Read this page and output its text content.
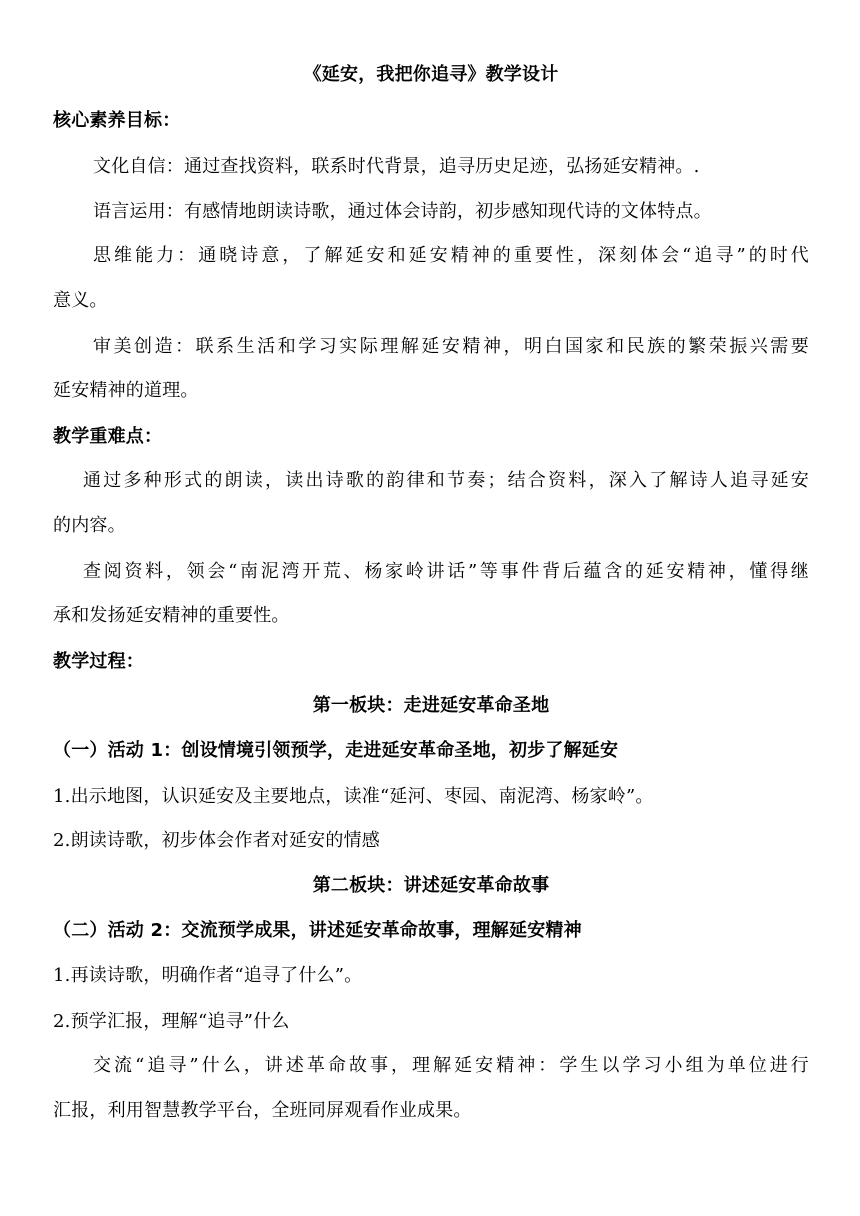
《延安，我把你追寻》教学设计
核心素养目标：
文化自信：通过查找资料，联系时代背景，追寻历史足迹，弘扬延安精神。.
语言运用：有感情地朗读诗歌，通过体会诗韵，初步感知现代诗的文体特点。
思维能力：通晓诗意，了解延安和延安精神的重要性，深刻体会“追寻”的时代
意义。
审美创造：联系生活和学习实际理解延安精神，明白国家和民族的繁荣振兴需要
延安精神的道理。
教学重难点：
通过多种形式的朗读，读出诗歌的韵律和节奏；结合资料，深入了解诗人追寻延安
的内容。
查阅资料，领会“南泥湾开荒、杨家岭讲话”等事件背后蕴含的延安精神，懂得继
承和发扬延安精神的重要性。
教学过程：
第一板块：走进延安革命圣地
（一）活动 1：创设情境引领预学，走进延安革命圣地，初步了解延安
1.出示地图，认识延安及主要地点，读准“延河、枣园、南泥湾、杨家岭”。
2.朗读诗歌，初步体会作者对延安的情感
第二板块：讲述延安革命故事
（二）活动 2：交流预学成果，讲述延安革命故事，理解延安精神
1.再读诗歌，明确作者“追寻了什么”。
2.预学汇报，理解“追寻”什么
交流“追寻”什么，讲述革命故事，理解延安精神：学生以学习小组为单位进行
汇报，利用智慧教学平台，全班同屏观看作业成果。
